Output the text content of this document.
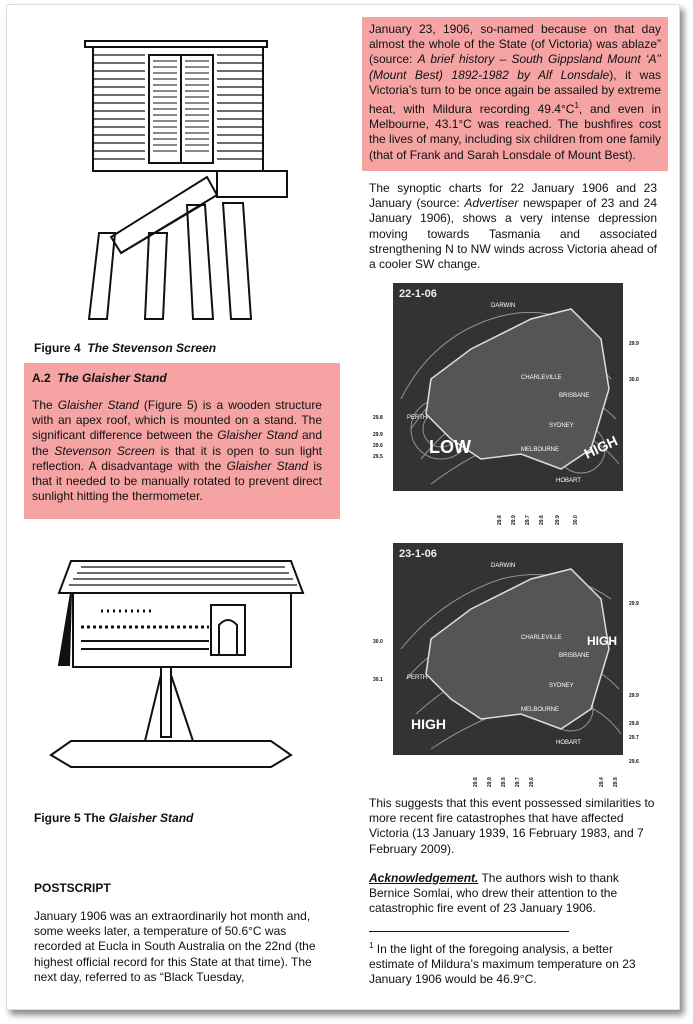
Figure 4 The Stevenson Screen
A.2 The Glaisher Stand
The Glaisher Stand (Figure 5) is a wooden structure with an apex roof, which is mounted on a stand. The significant difference between the Glaisher Stand and the Stevenson Screen is that it is open to sun light reflection. A disadvantage with the Glaisher Stand is that it needed to be manually rotated to prevent direct sunlight hitting the thermometer.
Figure 5 The Glaisher Stand
POSTSCRIPT
January 1906 was an extraordinarily hot month and, some weeks later, a temperature of 50.6°C was recorded at Eucla in South Australia on the 22nd (the highest official record for this State at that time). The next day, referred to as “Black Tuesday,
January 23, 1906, so-named because on that day almost the whole of the State (of Victoria) was ablaze” (source: A brief history – South Gippsland Mount ‘A’’ (Mount Best) 1892-1982 by Alf Lonsdale), it was Victoria’s turn to be once again be assailed by extreme heat, with Mildura recording $49.4^\circ C^1$, and even in Melbourne, 43.1°C was reached. The bushfires cost the lives of many, including six children from one family (that of Frank and Sarah Lonsdale of Mount Best).
The synoptic charts for 22 January 1906 and 23 January (source: Advertiser newspaper of 23 and 24 January 1906), shows a very intense depression moving towards Tasmania and associated strengthening N to NW winds across Victoria ahead of a cooler SW change.
22-1-06
CHARLEVILLE
BRISBANE
SYDNEY
MELBOURNE
HOBART
PERTH
DARWIN
LOW	HIGH
29.8
29.9
29.6
29.5
29.9
30.0
29.8 29.9 29.7 29.8 29.9 30.0
23-1-06
CHARLEVILLE
BRISBANE
SYDNEY
MELBOURNE
HOBART
PERTH
DARWIN
HIGH
HIGH
30.0
30.1
29.9
29.9
29.8
29.7
29.6
29.8 29.9 29.8 29.7 29.6	29.4 29.8
This suggests that this event possessed similarities to more recent fire catastrophes that have affected Victoria (13 January 1939, 16 February 1983, and 7 February 2009).
Acknowledgement. The authors wish to thank Bernice Somlai, who drew their attention to the catastrophic fire event of 23 January 1906.
$^1$ In the light of the foregoing analysis, a better estimate of Mildura’s maximum temperature on 23 January 1906 would be 46.9°C.
